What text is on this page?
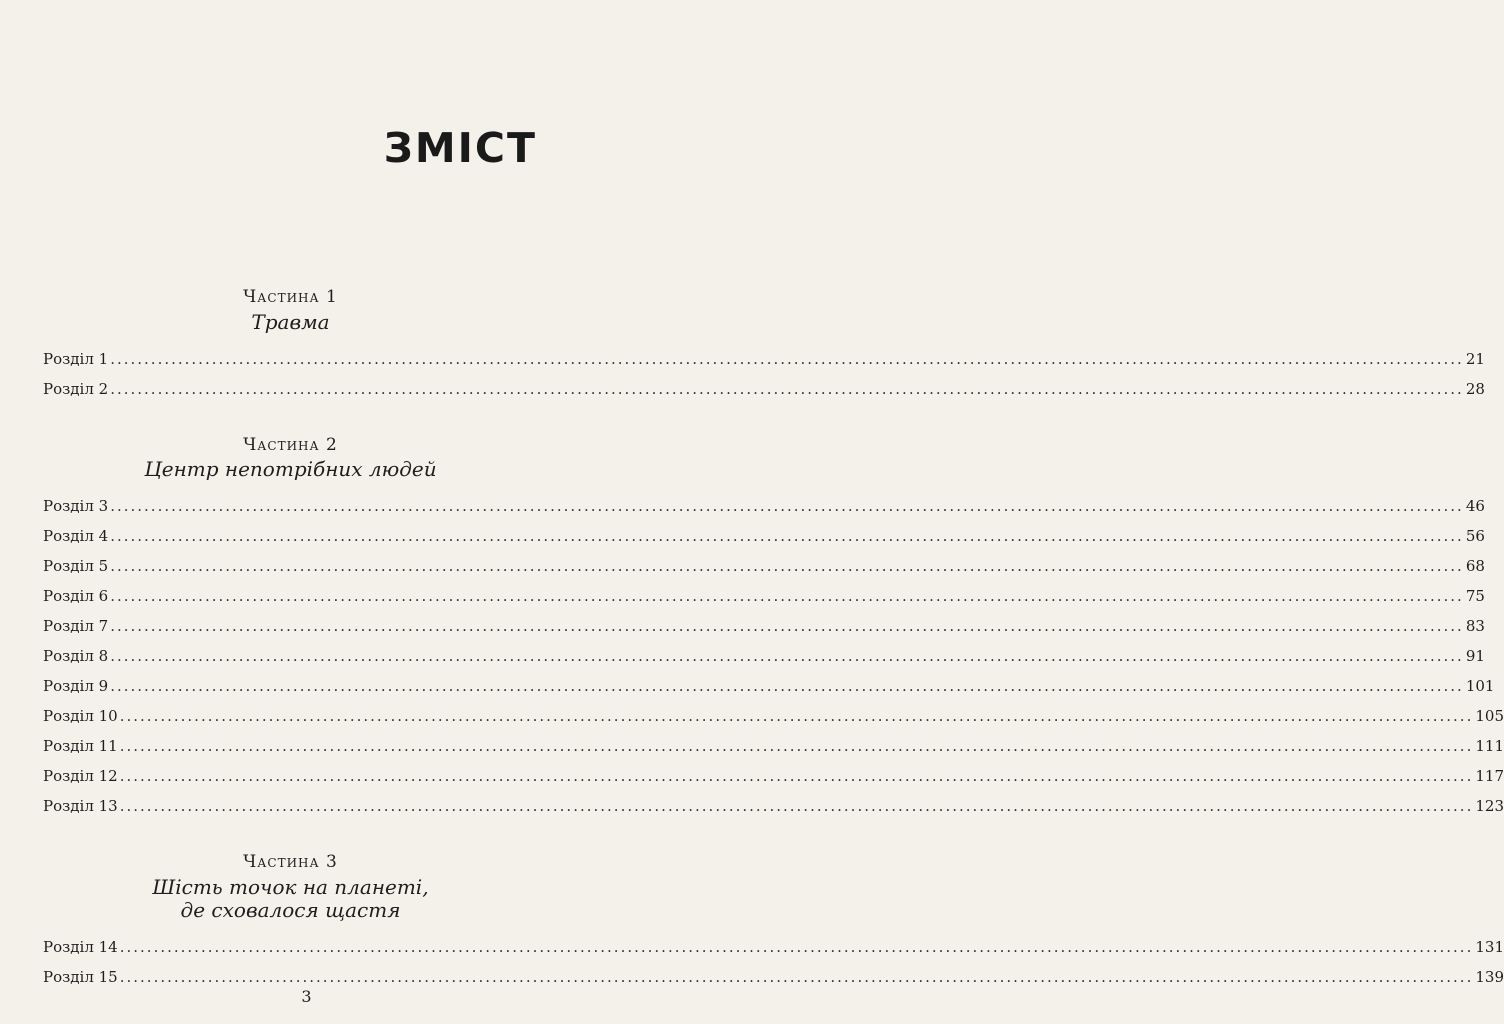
ЗМІСТ
Частина 1
Травма
Розділ 1 ........................................................................................................................................................................................................ 21
Розділ 2 ........................................................................................................................................................................................................ 28
Частина 2
Центр непотрібних людей
Розділ 3 ........................................................................................................................................................................................................ 46
Розділ 4 ........................................................................................................................................................................................................ 56
Розділ 5 ........................................................................................................................................................................................................ 68
Розділ 6 ........................................................................................................................................................................................................ 75
Розділ 7 ........................................................................................................................................................................................................ 83
Розділ 8 ........................................................................................................................................................................................................ 91
Розділ 9 ........................................................................................................................................................................................................ 101
Розділ 10 ........................................................................................................................................................................................................ 105
Розділ 11 ........................................................................................................................................................................................................ 111
Розділ 12 ........................................................................................................................................................................................................ 117
Розділ 13 ........................................................................................................................................................................................................ 123
Частина 3
Шість точок на планеті,
де сховалося щастя
Розділ 14 ........................................................................................................................................................................................................ 131
Розділ 15 ........................................................................................................................................................................................................ 139
3
